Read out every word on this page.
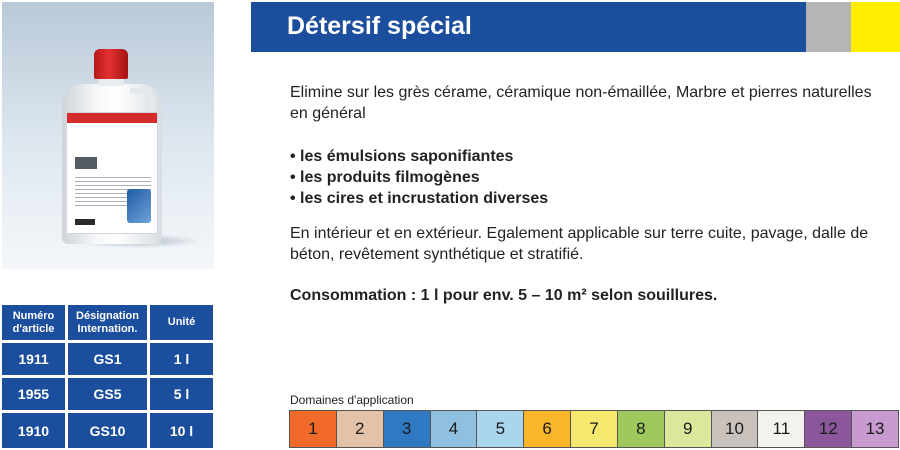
Détersif spécial

Elimine sur les grès cérame, céramique non-émaillée, Marbre et pierres naturelles en général

• les émulsions saponifiantes
• les produits filmogènes
• les cires et incrustation diverses

En intérieur et en extérieur. Egalement applicable sur terre cuite, pavage, dalle de béton, revêtement synthétique et stratifié.

Consommation : 1 l pour env. 5 – 10 m² selon souillures.

Numéro d'article	Désignation Internation.	Unité
1911	GS1	1 l
1955	GS5	5 l
1910	GS10	10 l
Domaines d'application
1	2	3	4	5	6	7	8	9	10	11	12	13
